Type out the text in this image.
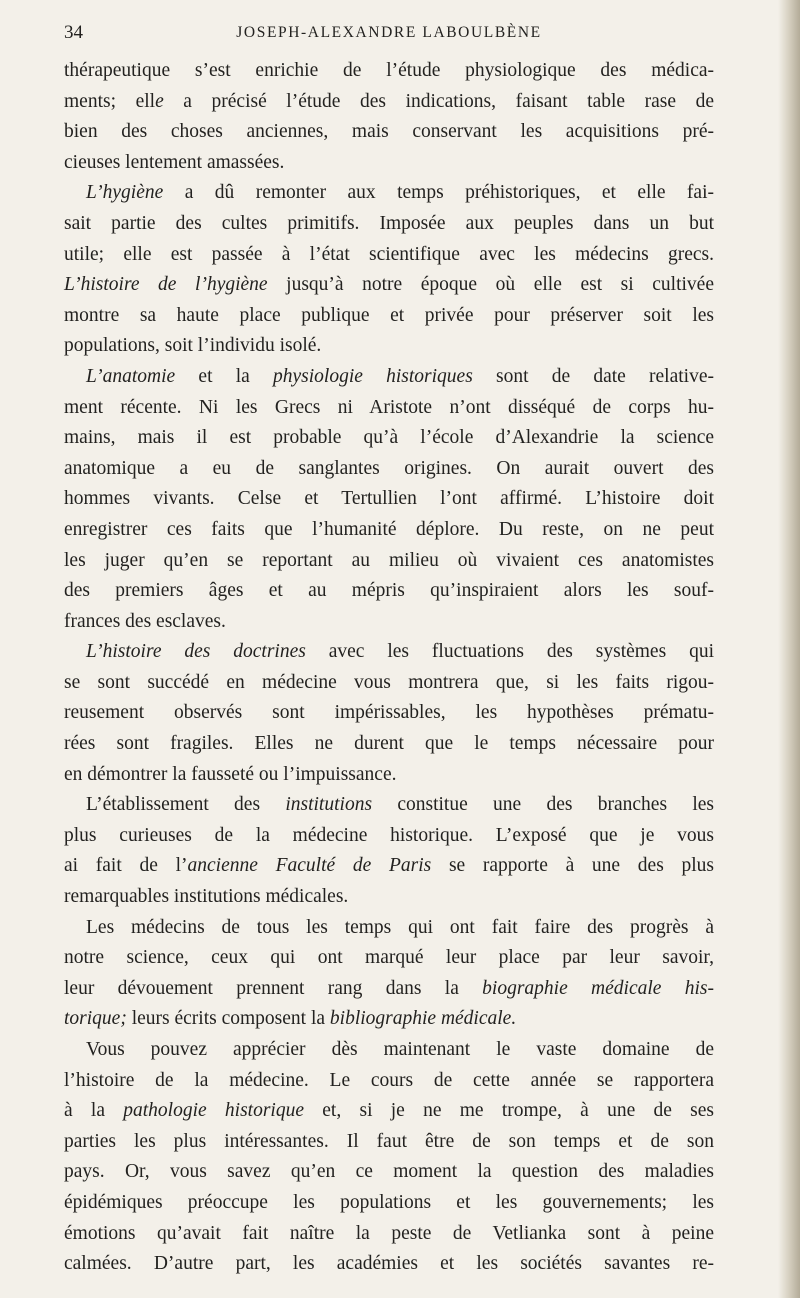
34	JOSEPH-ALEXANDRE LABOULBÈNE
thérapeutique s’est enrichie de l’étude physiologique des médica-
ments; elle a précisé l’étude des indications, faisant table rase de
bien des choses anciennes, mais conservant les acquisitions pré-
cieuses lentement amassées.
L’hygiène a dû remonter aux temps préhistoriques, et elle fai-
sait partie des cultes primitifs. Imposée aux peuples dans un but
utile; elle est passée à l’état scientifique avec les médecins grecs.
L’histoire de l’hygiène jusqu’à notre époque où elle est si cultivée
montre sa haute place publique et privée pour préserver soit les
populations, soit l’individu isolé.
L’anatomie et la physiologie historiques sont de date relative-
ment récente. Ni les Grecs ni Aristote n’ont disséqué de corps hu-
mains, mais il est probable qu’à l’école d’Alexandrie la science
anatomique a eu de sanglantes origines. On aurait ouvert des
hommes vivants. Celse et Tertullien l’ont affirmé. L’histoire doit
enregistrer ces faits que l’humanité déplore. Du reste, on ne peut
les juger qu’en se reportant au milieu où vivaient ces anatomistes
des premiers âges et au mépris qu’inspiraient alors les souf-
frances des esclaves.
L’histoire des doctrines avec les fluctuations des systèmes qui
se sont succédé en médecine vous montrera que, si les faits rigou-
reusement observés sont impérissables, les hypothèses prématu-
rées sont fragiles. Elles ne durent que le temps nécessaire pour
en démontrer la fausseté ou l’impuissance.
L’établissement des institutions constitue une des branches les
plus curieuses de la médecine historique. L’exposé que je vous
ai fait de l’ancienne Faculté de Paris se rapporte à une des plus
remarquables institutions médicales.
Les médecins de tous les temps qui ont fait faire des progrès à
notre science, ceux qui ont marqué leur place par leur savoir,
leur dévouement prennent rang dans la biographie médicale his-
torique; leurs écrits composent la bibliographie médicale.
Vous pouvez apprécier dès maintenant le vaste domaine de
l’histoire de la médecine. Le cours de cette année se rapportera
à la pathologie historique et, si je ne me trompe, à une de ses
parties les plus intéressantes. Il faut être de son temps et de son
pays. Or, vous savez qu’en ce moment la question des maladies
épidémiques préoccupe les populations et les gouvernements; les
émotions qu’avait fait naître la peste de Vetlianka sont à peine
calmées. D’autre part, les académies et les sociétés savantes re-
